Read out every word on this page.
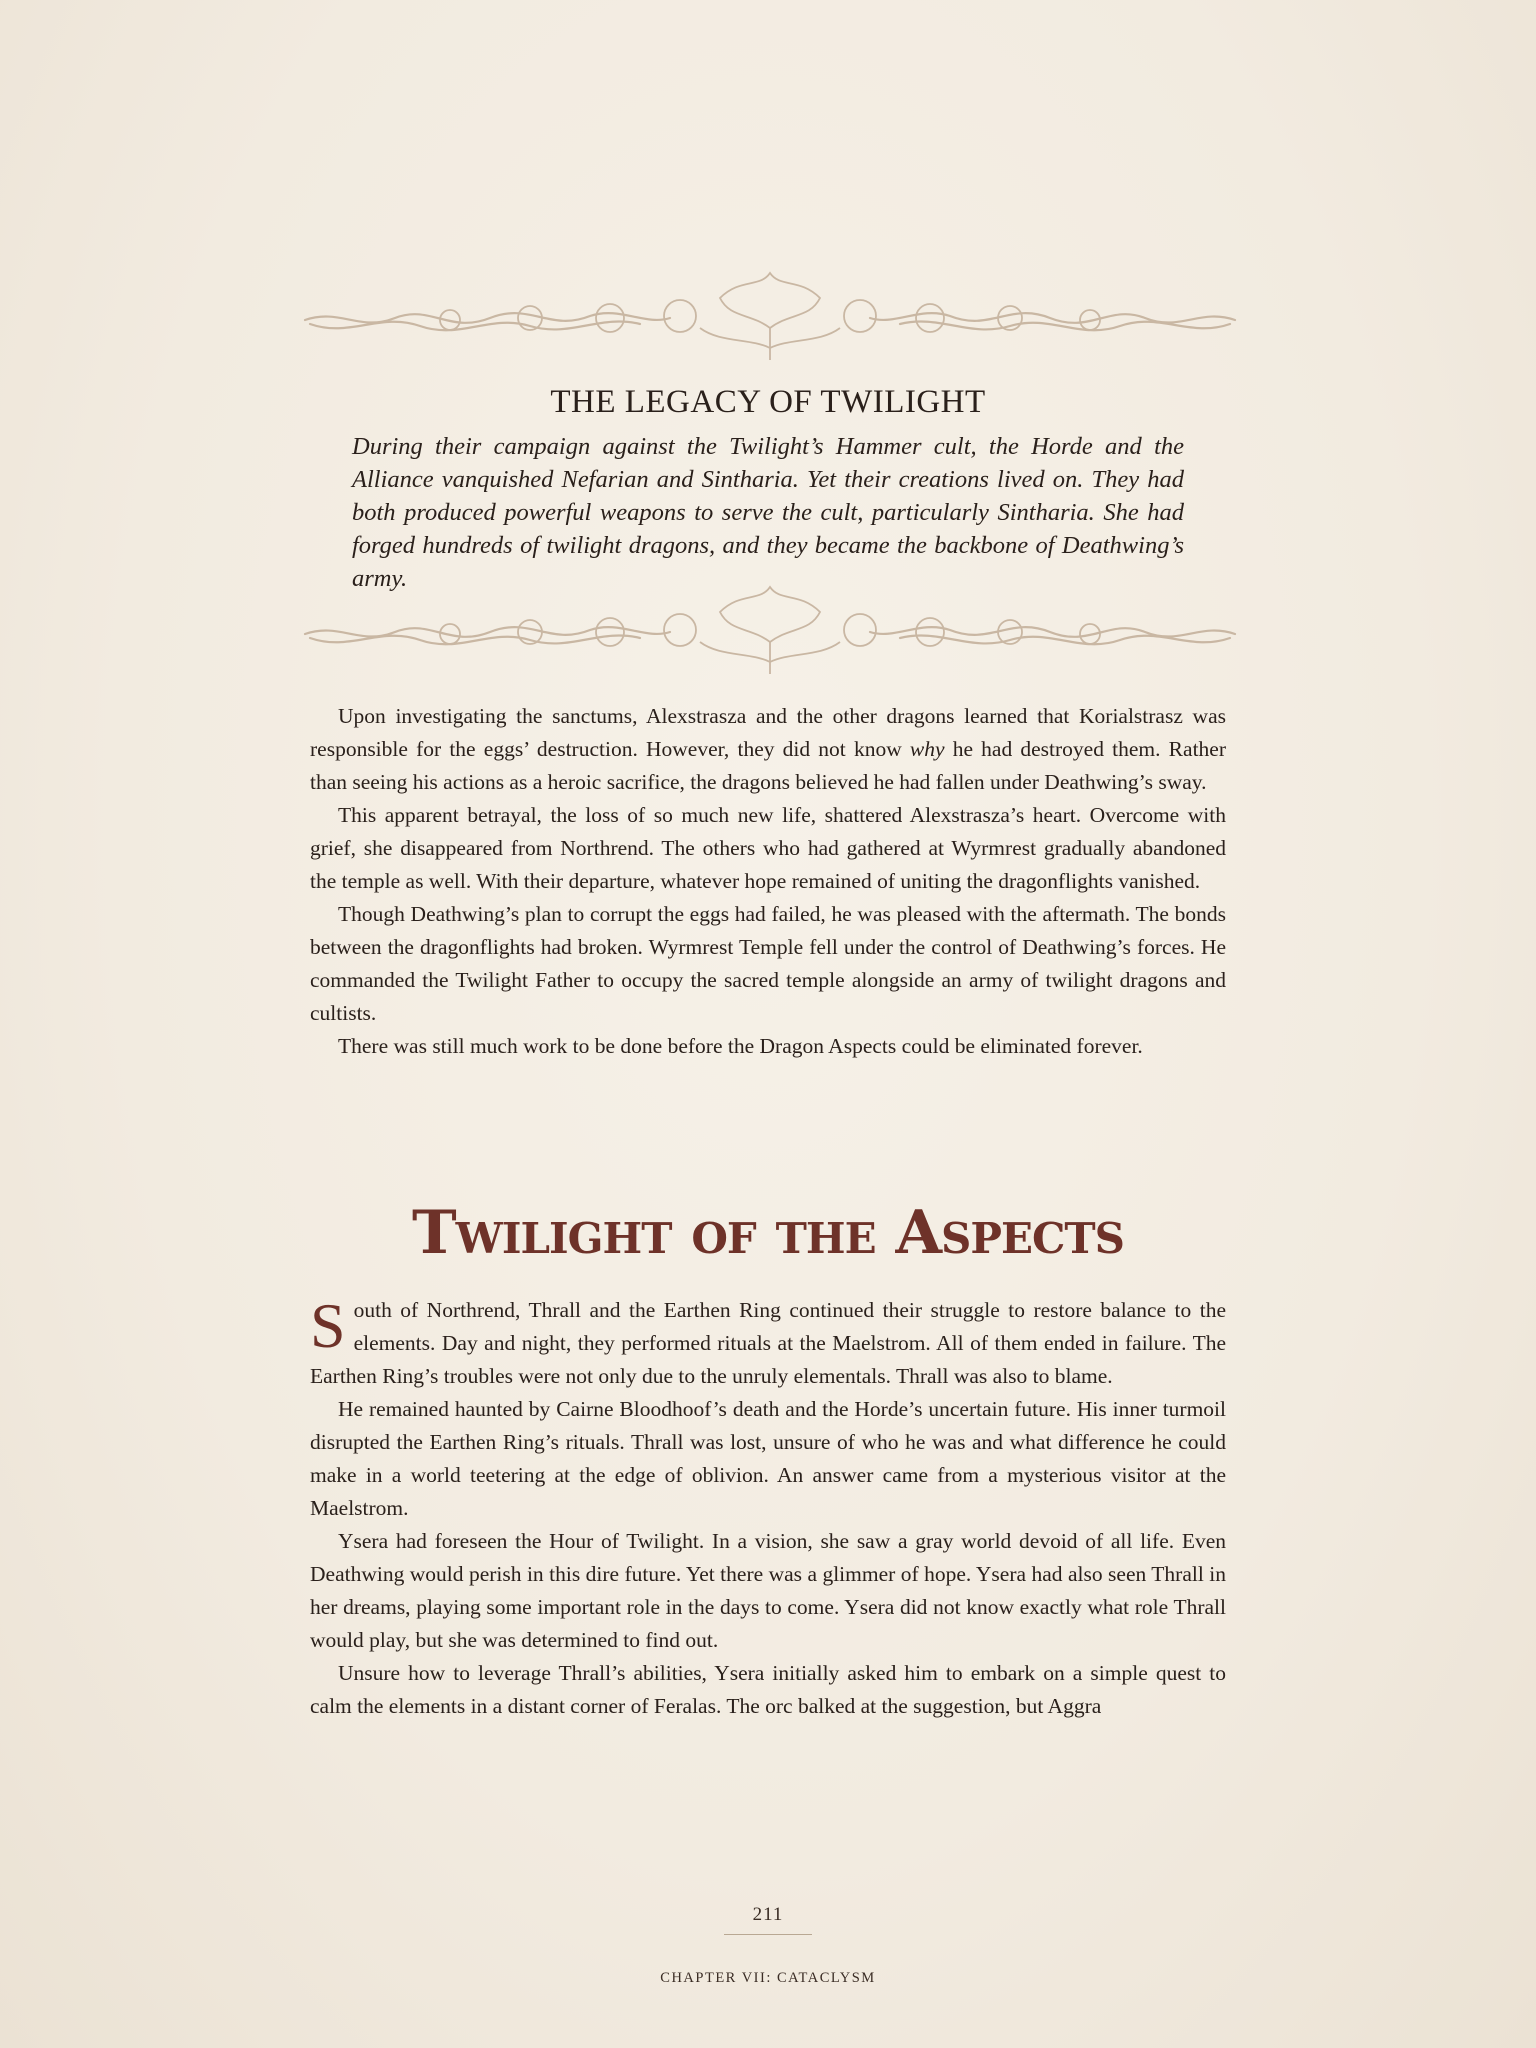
THE LEGACY OF TWILIGHT
During their campaign against the Twilight’s Hammer cult, the Horde and the Alliance vanquished Nefarian and Sintharia. Yet their creations lived on. They had both produced powerful weapons to serve the cult, particularly Sintharia. She had forged hundreds of twilight dragons, and they became the backbone of Deathwing’s army.

Upon investigating the sanctums, Alexstrasza and the other dragons learned that Korialstrasz was responsible for the eggs’ destruction. However, they did not know why he had destroyed them. Rather than seeing his actions as a heroic sacrifice, the dragons believed he had fallen under Deathwing’s sway.

This apparent betrayal, the loss of so much new life, shattered Alexstrasza’s heart. Overcome with grief, she disappeared from Northrend. The others who had gathered at Wyrmrest gradually abandoned the temple as well. With their departure, whatever hope remained of uniting the dragonflights vanished.

Though Deathwing’s plan to corrupt the eggs had failed, he was pleased with the aftermath. The bonds between the dragonflights had broken. Wyrmrest Temple fell under the control of Deathwing’s forces. He commanded the Twilight Father to occupy the sacred temple alongside an army of twilight dragons and cultists.

There was still much work to be done before the Dragon Aspects could be eliminated forever.

Twilight of the Aspects

South of Northrend, Thrall and the Earthen Ring continued their struggle to restore balance to the elements. Day and night, they performed rituals at the Maelstrom. All of them ended in failure. The Earthen Ring’s troubles were not only due to the unruly elementals. Thrall was also to blame.

He remained haunted by Cairne Bloodhoof’s death and the Horde’s uncertain future. His inner turmoil disrupted the Earthen Ring’s rituals. Thrall was lost, unsure of who he was and what difference he could make in a world teetering at the edge of oblivion. An answer came from a mysterious visitor at the Maelstrom.

Ysera had foreseen the Hour of Twilight. In a vision, she saw a gray world devoid of all life. Even Deathwing would perish in this dire future. Yet there was a glimmer of hope. Ysera had also seen Thrall in her dreams, playing some important role in the days to come. Ysera did not know exactly what role Thrall would play, but she was determined to find out.

Unsure how to leverage Thrall’s abilities, Ysera initially asked him to embark on a simple quest to calm the elements in a distant corner of Feralas. The orc balked at the suggestion, but Aggra

211
CHAPTER VII: CATACLYSM
